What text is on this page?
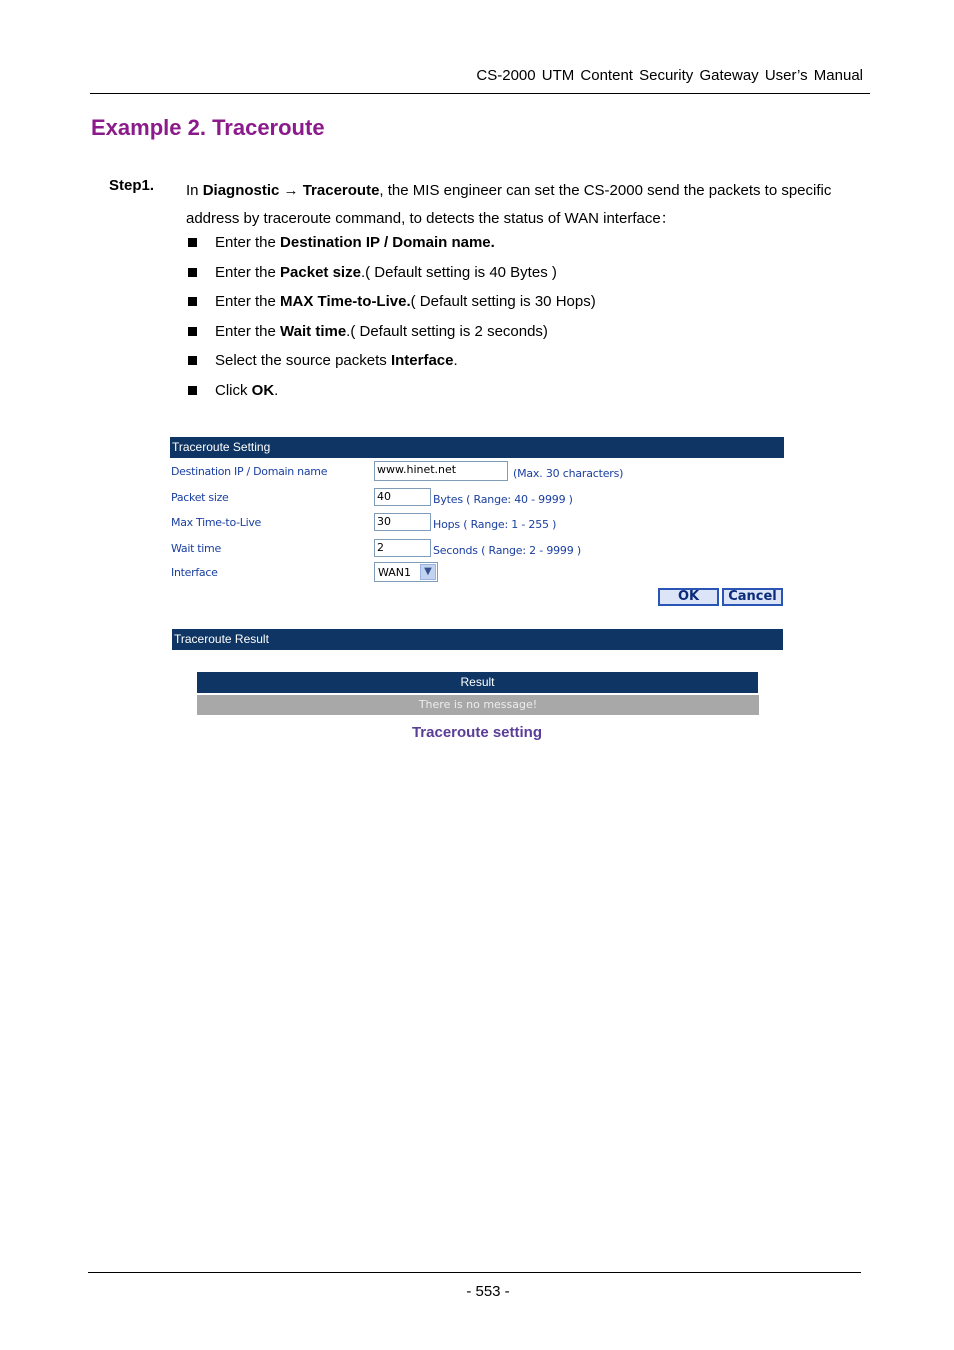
CS-2000 UTM Content Security Gateway User’s Manual
Example 2. Traceroute
Step1. In Diagnostic → Traceroute, the MIS engineer can set the CS-2000 send the packets to specific address by traceroute command, to detects the status of WAN interface：
Enter the Destination IP / Domain name.
Enter the Packet size.( Default setting is 40 Bytes )
Enter the MAX Time-to-Live.( Default setting is 30 Hops)
Enter the Wait time.( Default setting is 2 seconds)
Select the source packets Interface.
Click OK.
Traceroute Setting
Destination IP / Domain name	www.hinet.net	(Max. 30 characters)
Packet size	40	Bytes ( Range: 40 - 9999 )
Max Time-to-Live	30	Hops ( Range: 1 - 255 )
Wait time	2	Seconds ( Range: 2 - 9999 )
Interface	WAN1	▼
OK	Cancel
Traceroute Result
Result
There is no message!
Traceroute setting
- 553 -
